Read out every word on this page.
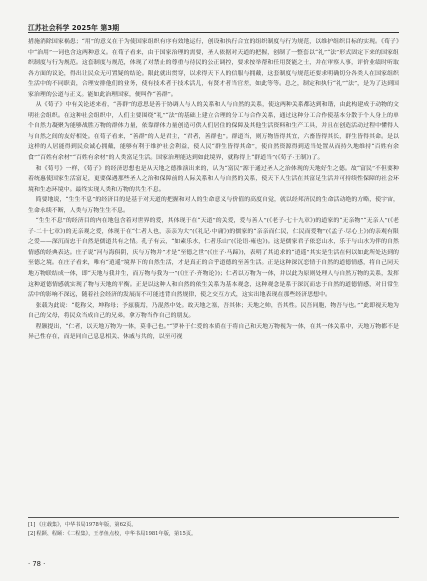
江苏社会科学 2025年 第3期

措施消除国家祸患；“用”的意义在于为使国家组织有序有效地运行，创设和执行合宜的组织制度与行为规范，以维护组织目标的实现。《荀子》中“治用”一词也含这两种意义。在荀子看来，由于国家治理的需要，圣人依据对天道的把握，创制了一整套以“礼”“法”形式固定下来的国家组织制度与行为规范。这套制度与规范，体现了对禁止的尊重与待民的公正调控，要求按举帮和任用贤能之士，并在审察人事，评价业绩时听取各方面的议论，得出让民众无可置疑的结论。限此就出贯穿，以求得天下人的信服与拥戴，这套制度与规范还要求明确切分各类人在国家组织生活中的不同职责，合理安排他们的业务，使有技术者于技术活儿，有贤才者当官差，如此等等。总之，制定和执行“礼”“法”，是为了达到国家治理的公道与正义。能如此治理国家，便叫作“善群”。

从《荀子》中有关论述来看，“善群”的意思是善于协调人与人的关系和人与自然的关系，使这两种关系都达到和谐，由此构建成于动物的文明社会组织。在这种社会组织中，人们主要围绕“礼”“法”的基础上建立合理的分工与合作关系，通过这种分工合作使基本分散于个人身上的单个自然力凝聚为能够战胜万物的群体力量，依靠群体力量创造可供人们居住的保障及其他生活资料和生产工具，并且在创造活动过程中懂得人与自然之间的友好相处。在荀子看来，“善群”的人是君主，“君者，善群也”。群道当，则万物皆得其宜，六畜皆得其长，群生皆得其命。是以这样的人居能得到民众诚心拥戴，能够有利于维护社会利益，使人民“群生皆得其命”，使自然资源得到适当处置从而持久地维持“百姓有余食”“百姓有余材”“百姓有余材”的人类富足生活。国家治理能达到如此境界，就称得上“群道当”(《荀子·王制》)了。

和《荀号》一样，《荀子》的经济思想也是从天地之德推演出来的，认为“富民”源于通过圣人之治体现的天地好生之德。故“富民”不但要种着统惠使国家生活富足，更要保遇那些圣人之治和保障前的人际关系和人与自然的关系，使天下人生活在其富足生活并可持续性保障的社会环境和生态环境中。最终实现人类和万物的共生不息。

简要地说，“生生不息”的经济目的是基于对天道的把握和对人的生命意义与价值的高度自觉，就以经邦济民的生命活动绝的方略，使宇宙，生命永续不断，人类与万物生生不息。

“生生不息”的经济目的内在地包含着对世界的爱，其体现于在“天道”的关爱，爱与善人”(《老子·七十九章》)的道家的“无亲物”“无亲人”(《老子·二十七章》)的无亲观之爱，体现于在“仁者人也，亲亲为大”(《礼记·中庸》)的儒家的“亲亲而仁民，仁民而爱物”(《孟子·尽心上》)的亲观有限之爱——深沉而忠于自然是儒道共有之情。孔子有云，“如素乐水，仁者乐山”(《论语·雍也》)。这是儒家君子依恋山水，乐于与山水为伴的自然情感的经典表达。庄子说“河与海俱阴，庆与万物并”才是“至德之世”(《庄子·马蹄》)，表明了其追求的“逍遥”其实是生活在何以如此所处达到的至德之境。在庄子看来，唯有“逍遥”境界下的自然生活，才是真正的合乎道德的至善生活。正是这种深沉恋情于自然的道德情感，将自己同天地万物联结成一体，即“天地与我并生，而万物与我为一”(《庄子·齐物论》)；仁者以万物为一体，并以此为原则处理人与自然万物的关系，发挥这种道德情感就实现了物与天地的平衡。正是以这种人和自然的依生关系为基本观念，这种观念是系于深沉而忠于自然的道德情感，对日常生活中的影响不深远，随着社会经济的发展而不可能违背自然规律，使之交互方式，这实出地表现在那些经济思想中。

张载为此说：“乾称父，坤称母；予兹藐焉，乃混然中处。故天地之塞，吾其体；天地之帅，吾其性。民吾同胞，物吾与也。”“此即视天地为自己的父母，将民众当成自己的兄弟，拿万物当作自己的朋友。

程颢提出，“仁者，以天地万物为一体，莫非己也。”“罗补于仁爱的本质在于将自己和天地万物视为一体，在其一体关系中，天地万物都不是异己性存在，而是同自己息息相关、休戚与共的，以至可视

[1]《庄载集》，中华书局1978年版，第62页。

[2]程颢、程颐：《二程集》，王孝鱼点校，中华书局1981年版，第15页。

· 78 ·
